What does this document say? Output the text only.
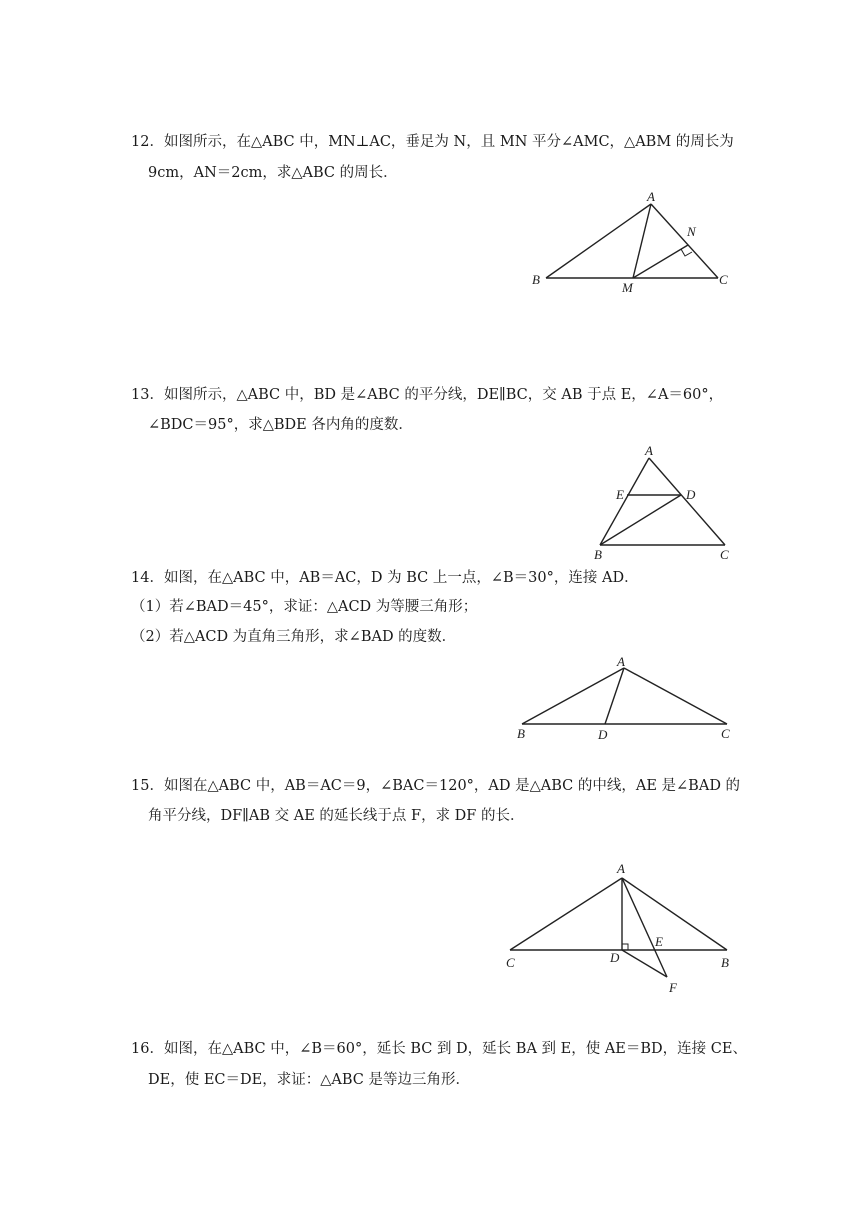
12．如图所示，在△ABC 中，MN⊥AC，垂足为 N，且 MN 平分∠AMC，△ABM 的周长为
9cm，AN＝2cm，求△ABC 的周长．
A
N
B
M
C
13．如图所示，△ABC 中，BD 是∠ABC 的平分线，DE∥BC，交 AB 于点 E，∠A＝60°，
∠BDC＝95°，求△BDE 各内角的度数．
A
E	D
B	C
14．如图，在△ABC 中，AB＝AC，D 为 BC 上一点，∠B＝30°，连接 AD．
（1）若∠BAD＝45°，求证：△ACD 为等腰三角形；
（2）若△ACD 为直角三角形，求∠BAD 的度数．
A
B	D	C
15．如图在△ABC 中，AB＝AC＝9，∠BAC＝120°，AD 是△ABC 的中线，AE 是∠BAD 的
角平分线，DF∥AB 交 AE 的延长线于点 F，求 DF 的长．
A
E
C	D	B
F
16．如图，在△ABC 中，∠B＝60°，延长 BC 到 D，延长 BA 到 E，使 AE＝BD，连接 CE、
DE，使 EC＝DE，求证：△ABC 是等边三角形．
